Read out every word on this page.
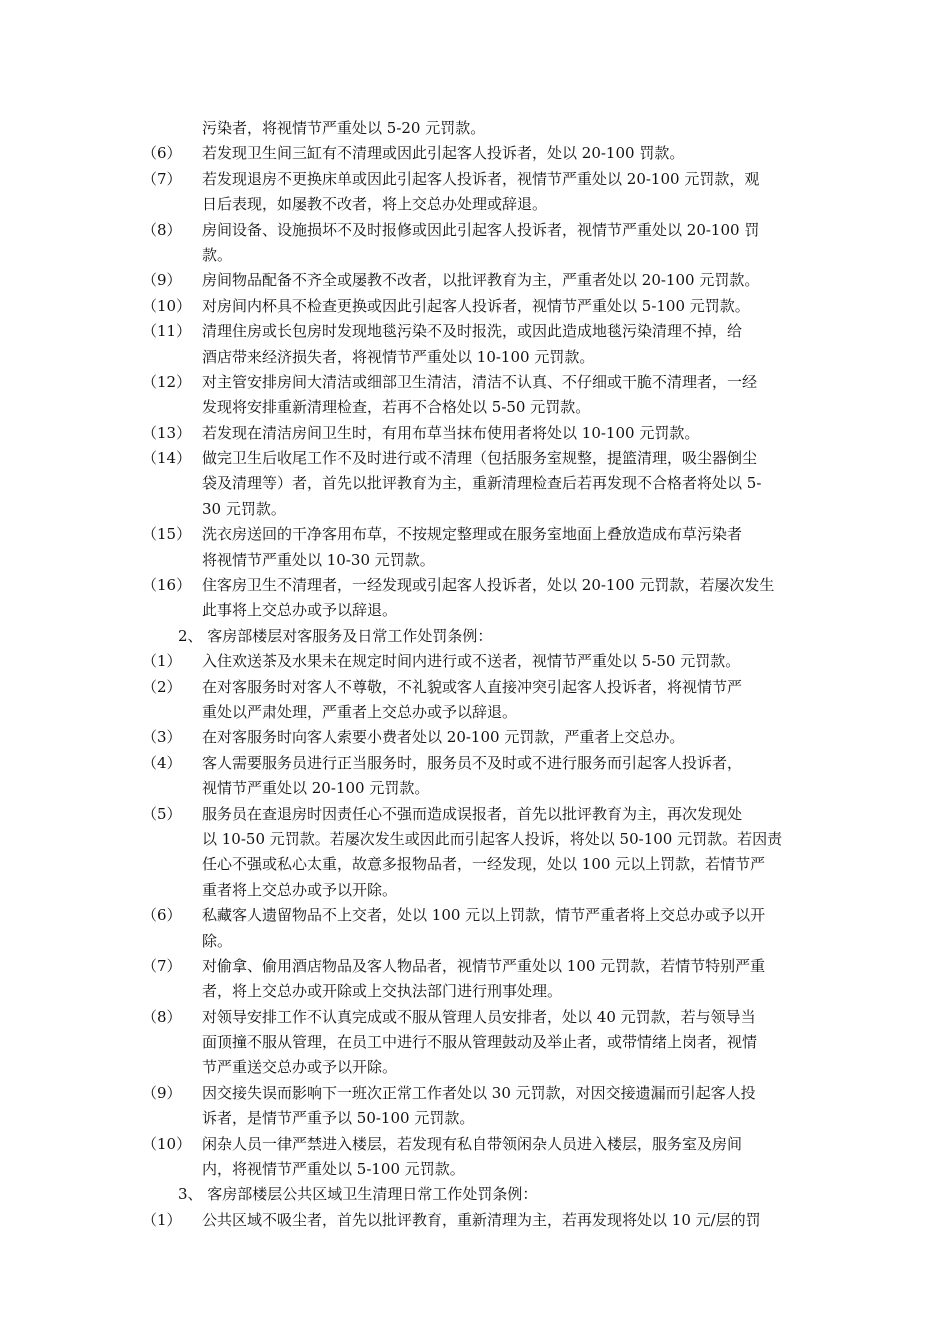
污染者，将视情节严重处以 5-20 元罚款。
（6） 若发现卫生间三缸有不清理或因此引起客人投诉者，处以 20-100 罚款。
（7） 若发现退房不更换床单或因此引起客人投诉者，视情节严重处以 20-100 元罚款，观
日后表现，如屡教不改者，将上交总办处理或辞退。
（8） 房间设备、设施损坏不及时报修或因此引起客人投诉者，视情节严重处以 20-100 罚
款。
（9） 房间物品配备不齐全或屡教不改者，以批评教育为主，严重者处以 20-100 元罚款。
（10） 对房间内杯具不检查更换或因此引起客人投诉者，视情节严重处以 5-100 元罚款。
（11） 清理住房或长包房时发现地毯污染不及时报洗，或因此造成地毯污染清理不掉，给
酒店带来经济损失者，将视情节严重处以 10-100 元罚款。
（12） 对主管安排房间大清洁或细部卫生清洁，清洁不认真、不仔细或干脆不清理者，一经
发现将安排重新清理检查，若再不合格处以 5-50 元罚款。
（13） 若发现在清洁房间卫生时，有用布草当抹布使用者将处以 10-100 元罚款。
（14） 做完卫生后收尾工作不及时进行或不清理（包括服务室规整，提篮清理，吸尘器倒尘
袋及清理等）者，首先以批评教育为主，重新清理检查后若再发现不合格者将处以 5-
30 元罚款。
（15） 洗衣房送回的干净客用布草，不按规定整理或在服务室地面上叠放造成布草污染者
将视情节严重处以 10-30 元罚款。
（16） 住客房卫生不清理者，一经发现或引起客人投诉者，处以 20-100 元罚款，若屡次发生
此事将上交总办或予以辞退。
2、 客房部楼层对客服务及日常工作处罚条例：
（1） 入住欢送茶及水果未在规定时间内进行或不送者，视情节严重处以 5-50 元罚款。
（2） 在对客服务时对客人不尊敬，不礼貌或客人直接冲突引起客人投诉者，将视情节严
重处以严肃处理，严重者上交总办或予以辞退。
（3） 在对客服务时向客人索要小费者处以 20-100 元罚款，严重者上交总办。
（4） 客人需要服务员进行正当服务时，服务员不及时或不进行服务而引起客人投诉者，
视情节严重处以 20-100 元罚款。
（5） 服务员在查退房时因责任心不强而造成误报者，首先以批评教育为主，再次发现处
以 10-50 元罚款。若屡次发生或因此而引起客人投诉，将处以 50-100 元罚款。若因责
任心不强或私心太重，故意多报物品者，一经发现，处以 100 元以上罚款，若情节严
重者将上交总办或予以开除。
（6） 私藏客人遗留物品不上交者，处以 100 元以上罚款，情节严重者将上交总办或予以开
除。
（7） 对偷拿、偷用酒店物品及客人物品者，视情节严重处以 100 元罚款，若情节特别严重
者，将上交总办或开除或上交执法部门进行刑事处理。
（8） 对领导安排工作不认真完成或不服从管理人员安排者，处以 40 元罚款，若与领导当
面顶撞不服从管理，在员工中进行不服从管理鼓动及举止者，或带情绪上岗者，视情
节严重送交总办或予以开除。
（9） 因交接失误而影响下一班次正常工作者处以 30 元罚款，对因交接遗漏而引起客人投
诉者，是情节严重予以 50-100 元罚款。
（10） 闲杂人员一律严禁进入楼层，若发现有私自带领闲杂人员进入楼层，服务室及房间
内，将视情节严重处以 5-100 元罚款。
3、 客房部楼层公共区域卫生清理日常工作处罚条例：
（1） 公共区域不吸尘者，首先以批评教育，重新清理为主，若再发现将处以 10 元/层的罚
